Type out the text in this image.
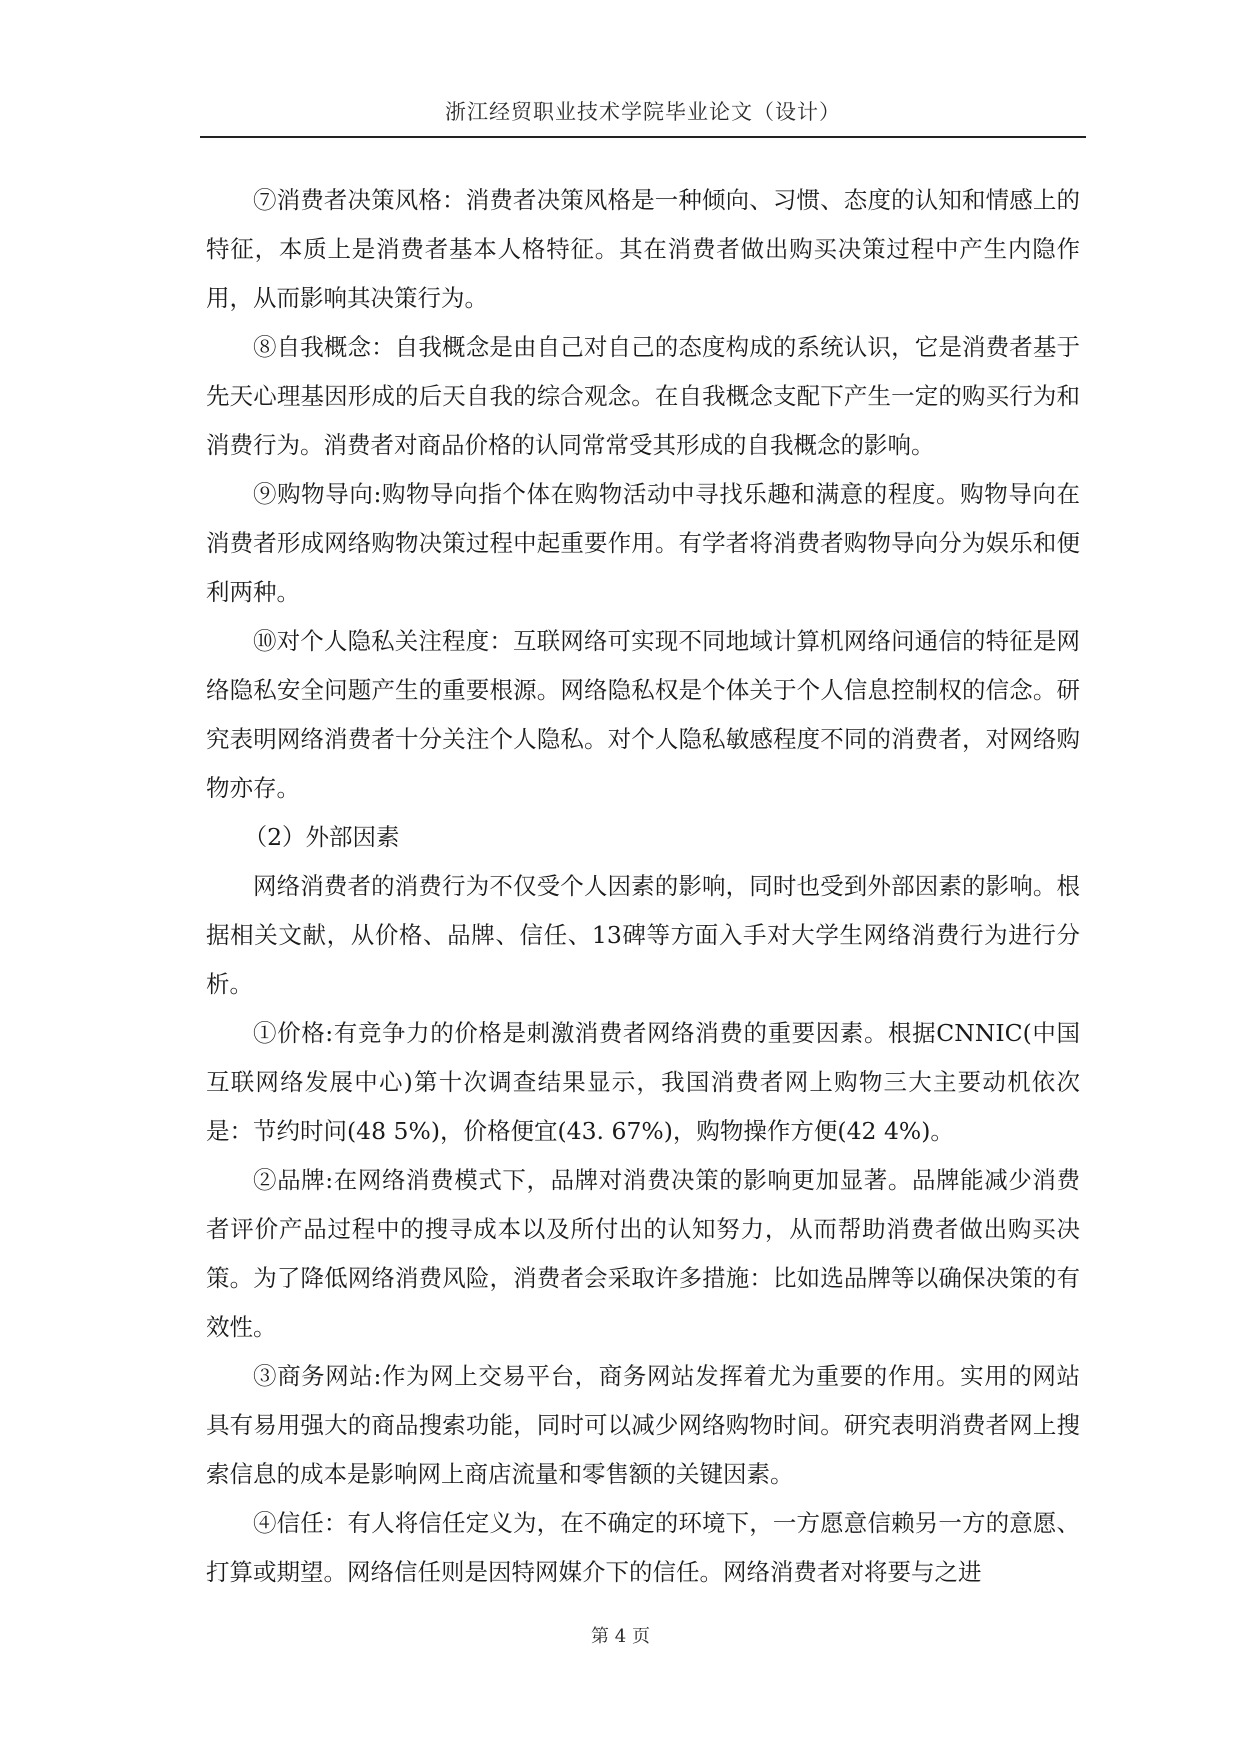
浙江经贸职业技术学院毕业论文（设计）

⑦消费者决策风格：消费者决策风格是一种倾向、习惯、态度的认知和情感上的特征，本质上是消费者基本人格特征。其在消费者做出购买决策过程中产生内隐作用，从而影响其决策行为。

⑧自我概念：自我概念是由自己对自己的态度构成的系统认识，它是消费者基于先天心理基因形成的后天自我的综合观念。在自我概念支配下产生一定的购买行为和消费行为。消费者对商品价格的认同常常受其形成的自我概念的影响。

⑨购物导向:购物导向指个体在购物活动中寻找乐趣和满意的程度。购物导向在消费者形成网络购物决策过程中起重要作用。有学者将消费者购物导向分为娱乐和便利两种。

⑩对个人隐私关注程度：互联网络可实现不同地域计算机网络问通信的特征是网络隐私安全问题产生的重要根源。网络隐私权是个体关于个人信息控制权的信念。研究表明网络消费者十分关注个人隐私。对个人隐私敏感程度不同的消费者，对网络购物亦存。

（2）外部因素

网络消费者的消费行为不仅受个人因素的影响，同时也受到外部因素的影响。根据相关文献，从价格、品牌、信任、13碑等方面入手对大学生网络消费行为进行分析。

①价格:有竞争力的价格是刺激消费者网络消费的重要因素。根据CNNIC(中国互联网络发展中心)第十次调查结果显示，我国消费者网上购物三大主要动机依次是：节约时问(48 5%)，价格便宜(43. 67%)，购物操作方便(42 4%)。

②品牌:在网络消费模式下，品牌对消费决策的影响更加显著。品牌能减少消费者评价产品过程中的搜寻成本以及所付出的认知努力，从而帮助消费者做出购买决策。为了降低网络消费风险，消费者会采取许多措施：比如选品牌等以确保决策的有效性。

③商务网站:作为网上交易平台，商务网站发挥着尤为重要的作用。实用的网站具有易用强大的商品搜索功能，同时可以减少网络购物时间。研究表明消费者网上搜索信息的成本是影响网上商店流量和零售额的关键因素。

④信任：有人将信任定义为，在不确定的环境下，一方愿意信赖另一方的意愿、打算或期望。网络信任则是因特网媒介下的信任。网络消费者对将要与之进

第 4 页
